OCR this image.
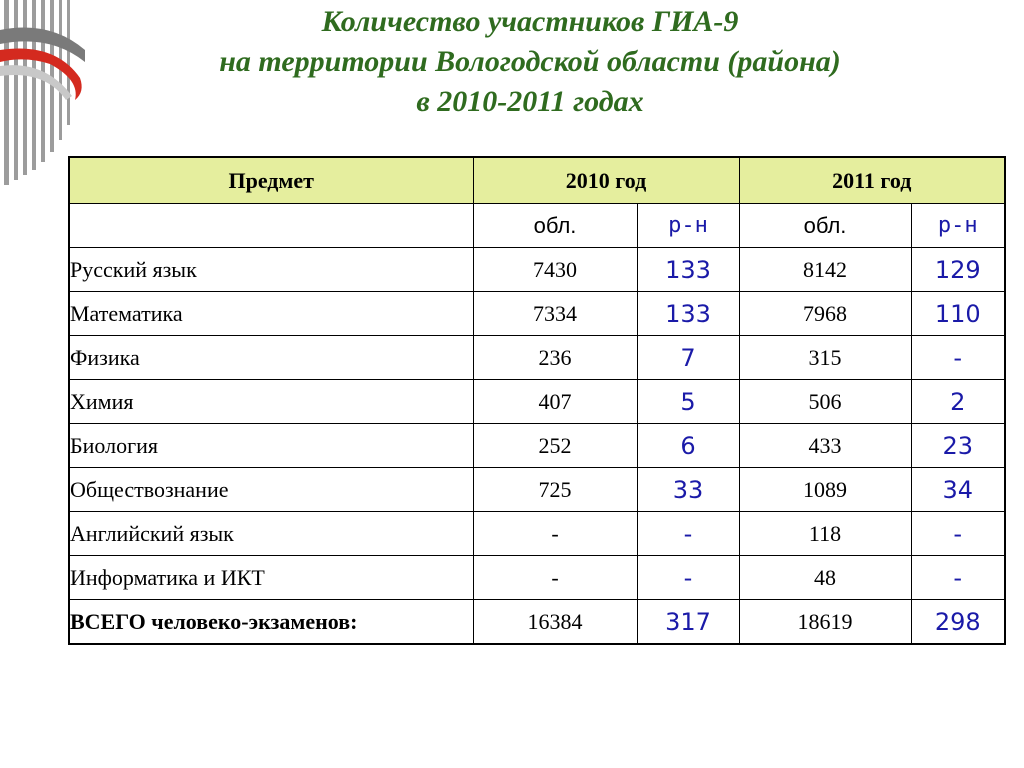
Количество участников ГИА-9
на территории Вологодской области (района)
в 2010-2011 годах
Предмет	2010 год		2011 год	
	обл.	р-н	обл.	р-н
Русский язык	7430	133	8142	129
Математика	7334	133	7968	110
Физика	236	7	315	-
Химия	407	5	506	2
Биология	252	6	433	23
Обществознание	725	33	1089	34
Английский язык	-	-	118	-
Информатика и ИКТ	-	-	48	-
ВСЕГО человеко-экзаменов:	16384	317	18619	298
